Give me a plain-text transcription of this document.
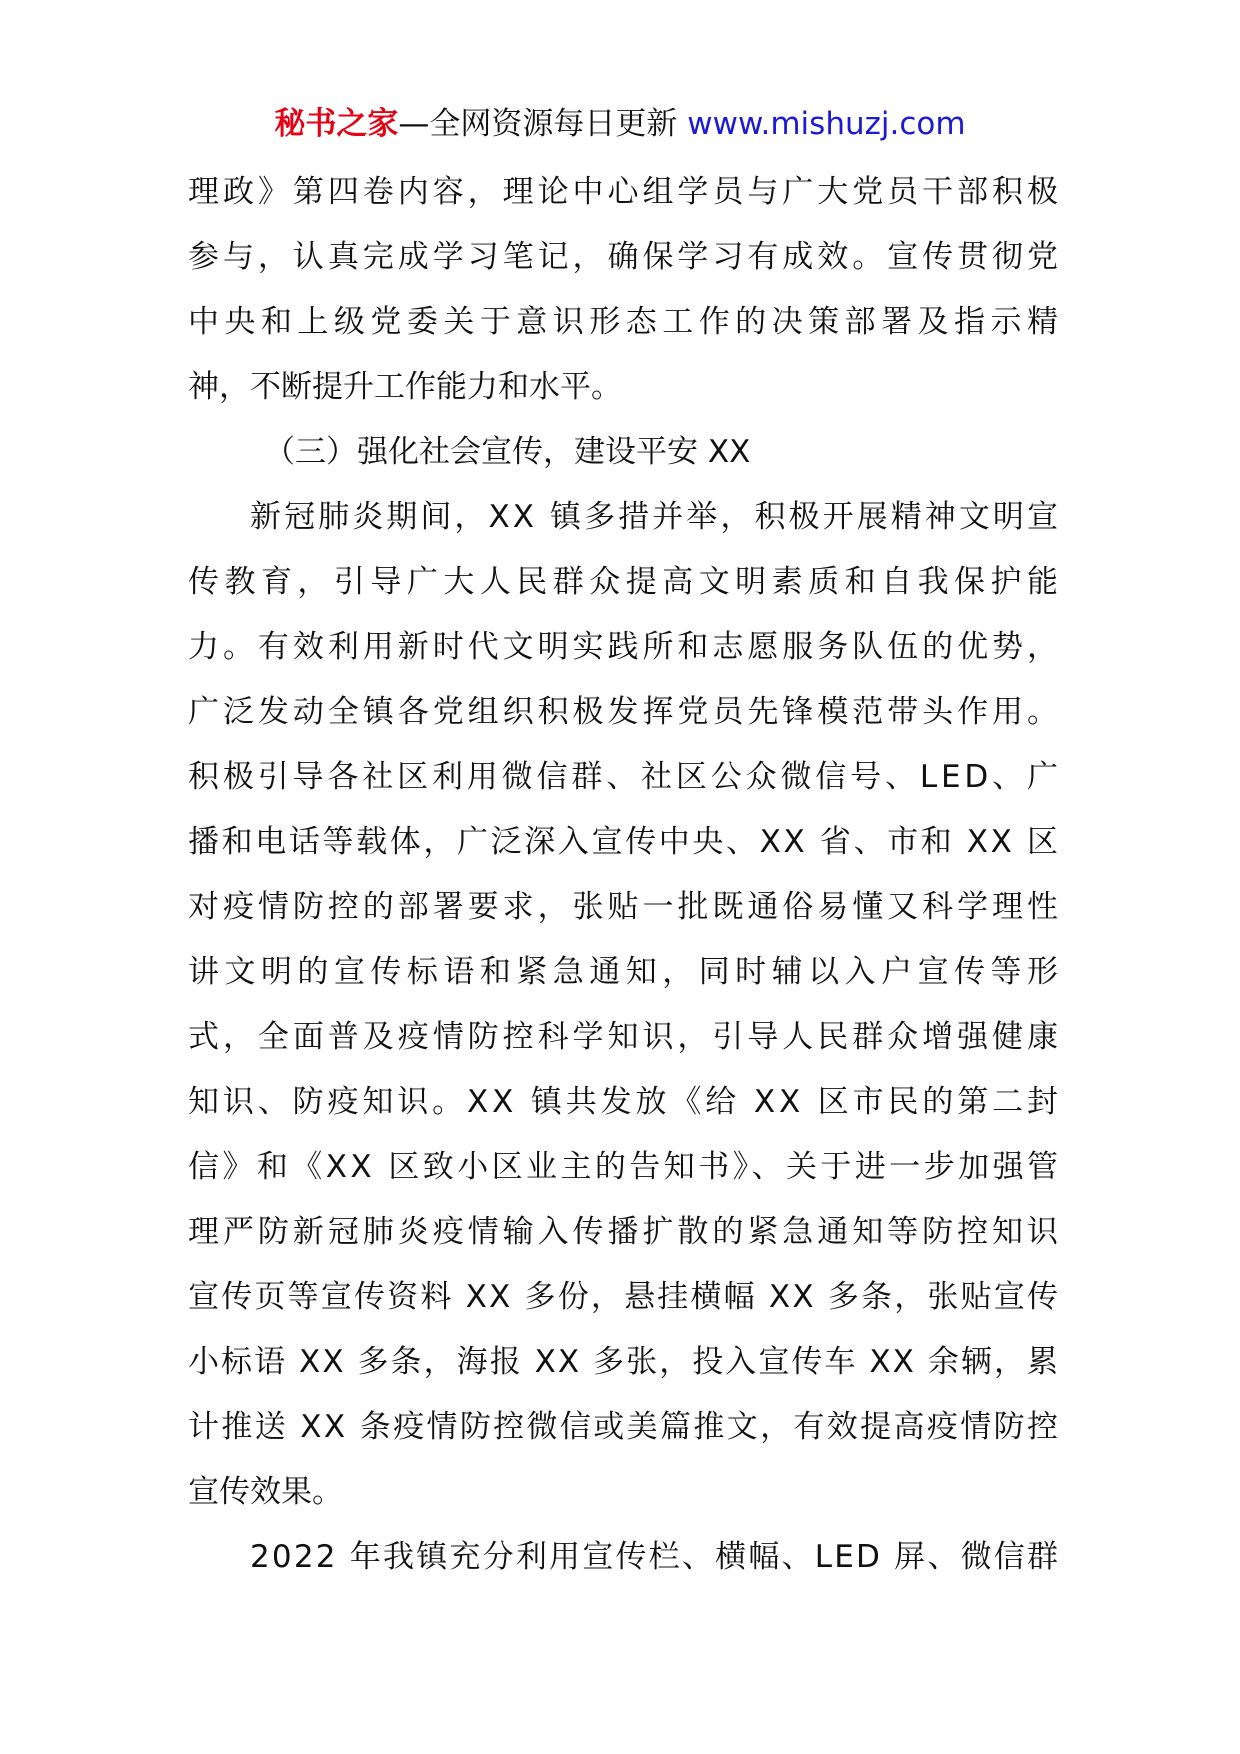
秘书之家—全网资源每日更新 www.mishuzj.com
理政》第四卷内容，理论中心组学员与广大党员干部积极
参与，认真完成学习笔记，确保学习有成效。宣传贯彻党
中央和上级党委关于意识形态工作的决策部署及指示精
神，不断提升工作能力和水平。
（三）强化社会宣传，建设平安 XX
新冠肺炎期间，XX 镇多措并举，积极开展精神文明宣
传教育，引导广大人民群众提高文明素质和自我保护能
力。有效利用新时代文明实践所和志愿服务队伍的优势，
广泛发动全镇各党组织积极发挥党员先锋模范带头作用。
积极引导各社区利用微信群、社区公众微信号、LED、广
播和电话等载体，广泛深入宣传中央、XX 省、市和 XX 区
对疫情防控的部署要求，张贴一批既通俗易懂又科学理性
讲文明的宣传标语和紧急通知，同时辅以入户宣传等形
式，全面普及疫情防控科学知识，引导人民群众增强健康
知识、防疫知识。XX 镇共发放《给 XX 区市民的第二封
信》和《XX 区致小区业主的告知书》、关于进一步加强管
理严防新冠肺炎疫情输入传播扩散的紧急通知等防控知识
宣传页等宣传资料 XX 多份，悬挂横幅 XX 多条，张贴宣传
小标语 XX 多条，海报 XX 多张，投入宣传车 XX 余辆，累
计推送 XX 条疫情防控微信或美篇推文，有效提高疫情防控
宣传效果。
2022 年我镇充分利用宣传栏、横幅、LED 屏、微信群
